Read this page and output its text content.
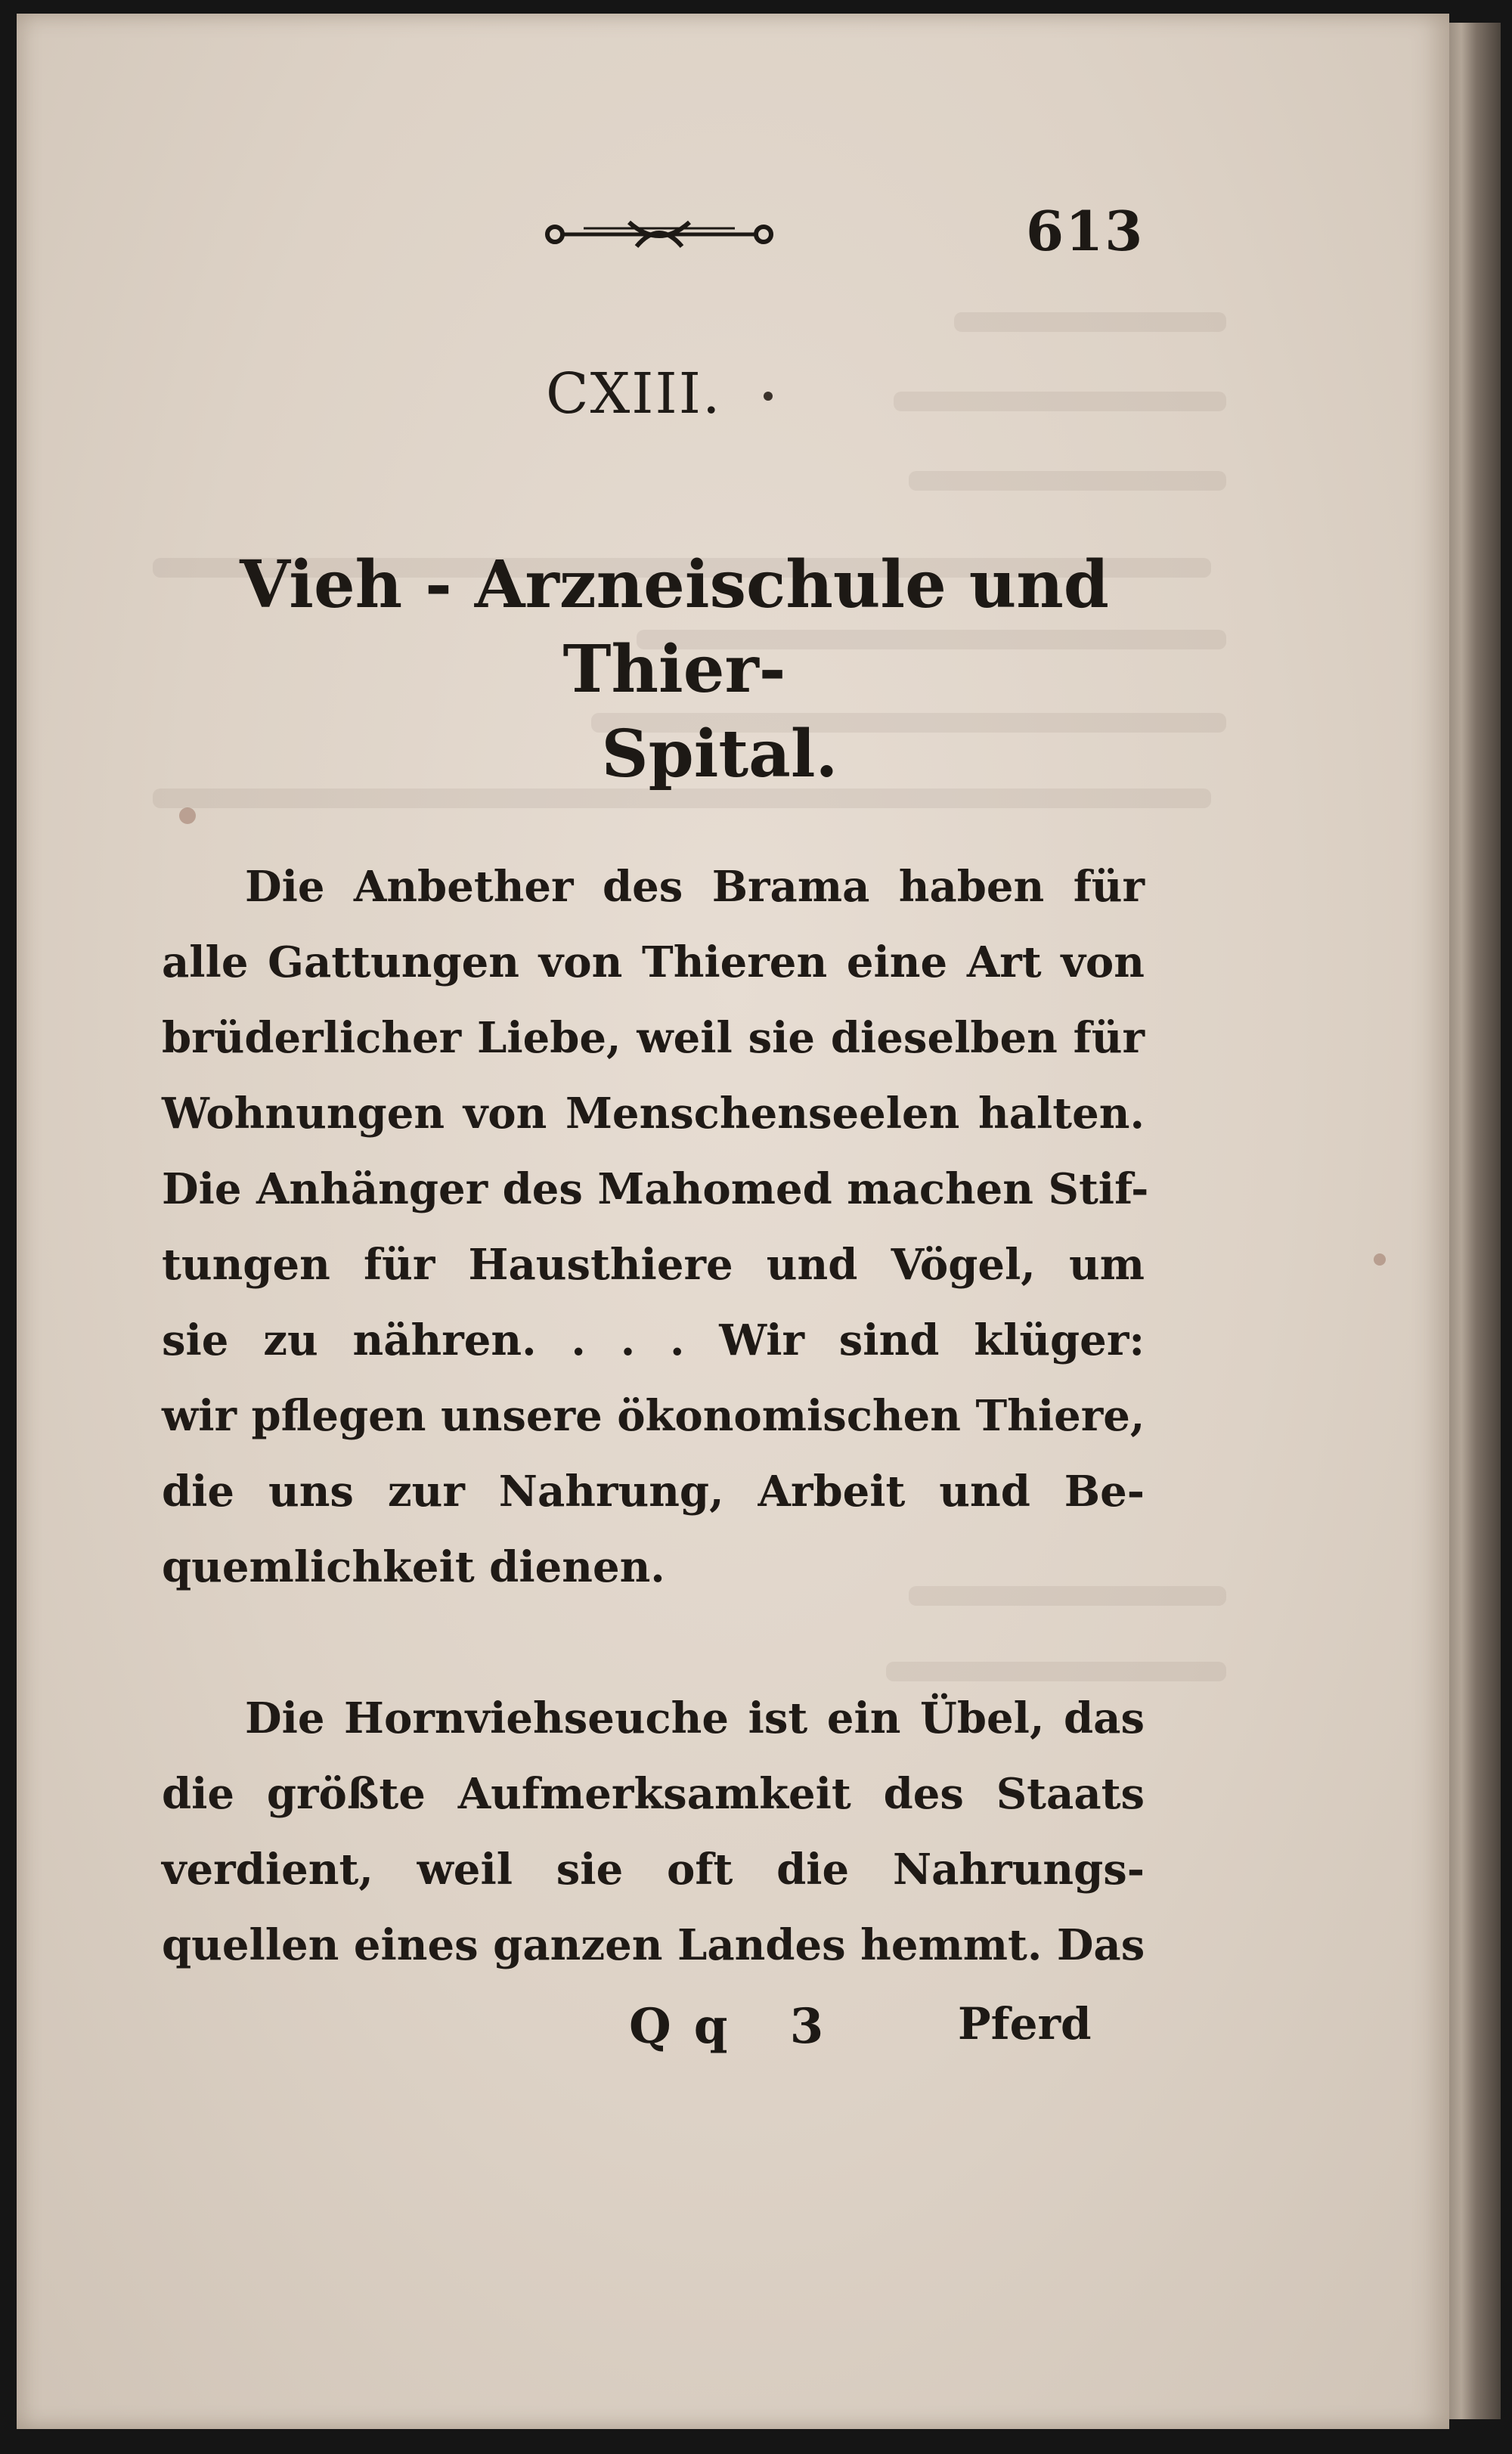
613
CXIII.
Vieh - Arzneischule und Thier-
Spital.
Die Anbether des Brama haben für
alle Gattungen von Thieren eine Art von
brüderlicher Liebe, weil sie dieselben für
Wohnungen von Menschenseelen halten.
Die Anhänger des Mahomed machen Stif-
tungen für Hausthiere und Vögel, um
sie zu nähren. . . . Wir sind klüger:
wir pflegen unsere ökonomischen Thiere,
die uns zur Nahrung, Arbeit und Be-
quemlichkeit dienen.
Die Hornviehseuche ist ein Übel, das
die größte Aufmerksamkeit des Staats
verdient, weil sie oft die Nahrungs-
quellen eines ganzen Landes hemmt. Das
Qq 3	Pferd
